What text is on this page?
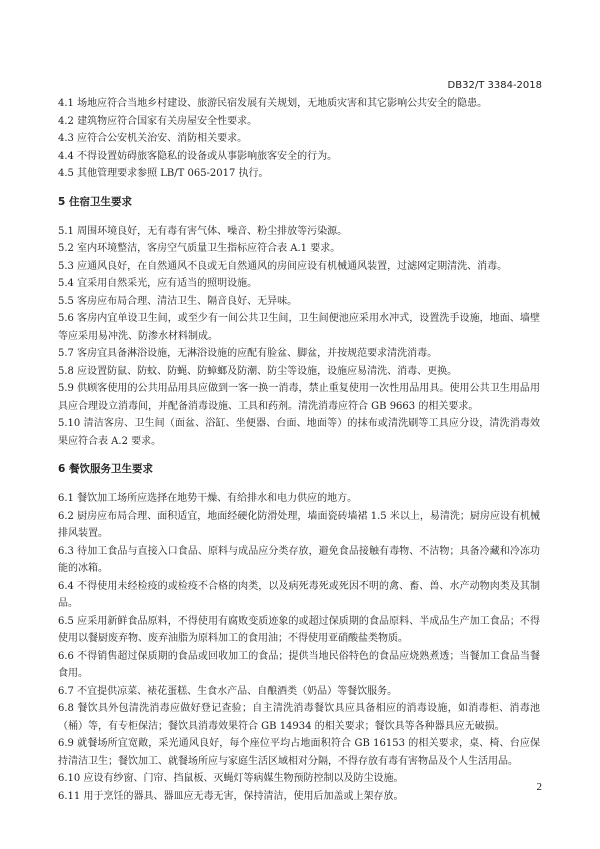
DB32/T 3384-2018

4.1 场地应符合当地乡村建设、旅游民宿发展有关规划，无地质灾害和其它影响公共安全的隐患。

4.2 建筑物应符合国家有关房屋安全性要求。

4.3 应符合公安机关治安、消防相关要求。

4.4 不得设置妨碍旅客隐私的设备或从事影响旅客安全的行为。

4.5 其他管理要求参照 LB/T 065-2017 执行。

5 住宿卫生要求

5.1 周围环境良好，无有毒有害气体、噪音、粉尘排放等污染源。

5.2 室内环境整洁，客房空气质量卫生指标应符合表 A.1 要求。

5.3 应通风良好，在自然通风不良或无自然通风的房间应设有机械通风装置，过滤网定期清洗、消毒。

5.4 宜采用自然采光，应有适当的照明设施。

5.5 客房应布局合理、清洁卫生、隔音良好、无异味。

5.6 客房内宜单设卫生间，或至少有一间公共卫生间，卫生间便池应采用水冲式，设置洗手设施，地面、墙壁等应采用易冲洗、防渗水材料制成。

5.7 客房宜具备淋浴设施，无淋浴设施的应配有脸盆、脚盆，并按规范要求清洗消毒。

5.8 应设置防鼠、防蚊、防蝇、防蟑螂及防潮、防尘等设施，设施应易清洗、消毒、更换。

5.9 供顾客使用的公共用品用具应做到一客一换一消毒，禁止重复使用一次性用品用具。使用公共卫生用品用具应合理设立消毒间，并配备消毒设施、工具和药剂。清洗消毒应符合 GB 9663 的相关要求。

5.10 清洁客房、卫生间（面盆、浴缸、坐便器、台面、地面等）的抹布或清洗刷等工具应分设，清洗消毒效果应符合表 A.2 要求。

6 餐饮服务卫生要求

6.1 餐饮加工场所应选择在地势干燥、有给排水和电力供应的地方。

6.2 厨房应布局合理、面积适宜，地面经硬化防滑处理，墙面瓷砖墙裙 1.5 米以上，易清洗；厨房应设有机械排风装置。

6.3 待加工食品与直接入口食品、原料与成品应分类存放，避免食品接触有毒物、不洁物；具备冷藏和冷冻功能的冰箱。

6.4 不得使用未经检疫的或检疫不合格的肉类，以及病死毒死或死因不明的禽、畜、兽、水产动物肉类及其制品。

6.5 应采用新鲜食品原料，不得使用有腐败变质迹象的或超过保质期的食品原料、半成品生产加工食品；不得使用以餐厨废弃物、废弃油脂为原料加工的食用油；不得使用亚硝酸盐类物质。

6.6 不得销售超过保质期的食品或回收加工的食品；提供当地民俗特色的食品应烧熟煮透；当餐加工食品当餐食用。

6.7 不宜提供凉菜、裱花蛋糕、生食水产品、自酿酒类（奶品）等餐饮服务。

6.8 餐饮具外包清洗消毒应做好登记查验；自主清洗消毒餐饮具应具备相应的消毒设施，如消毒柜、消毒池（桶）等，有专柜保洁；餐饮具消毒效果符合 GB 14934 的相关要求；餐饮具等各种器具应无破损。

6.9 就餐场所宜宽敞，采光通风良好，每个座位平均占地面积符合 GB 16153 的相关要求，桌、椅、台应保持清洁卫生；餐饮加工、就餐场所应与家庭生活区域相对分隔，不得存放有毒有害物品及个人生活用品。

6.10 应设有纱窗、门帘、挡鼠板、灭蝇灯等病媒生物预防控制以及防尘设施。

6.11 用于烹饪的器具、器皿应无毒无害，保持清洁，使用后加盖或上架存放。

2
